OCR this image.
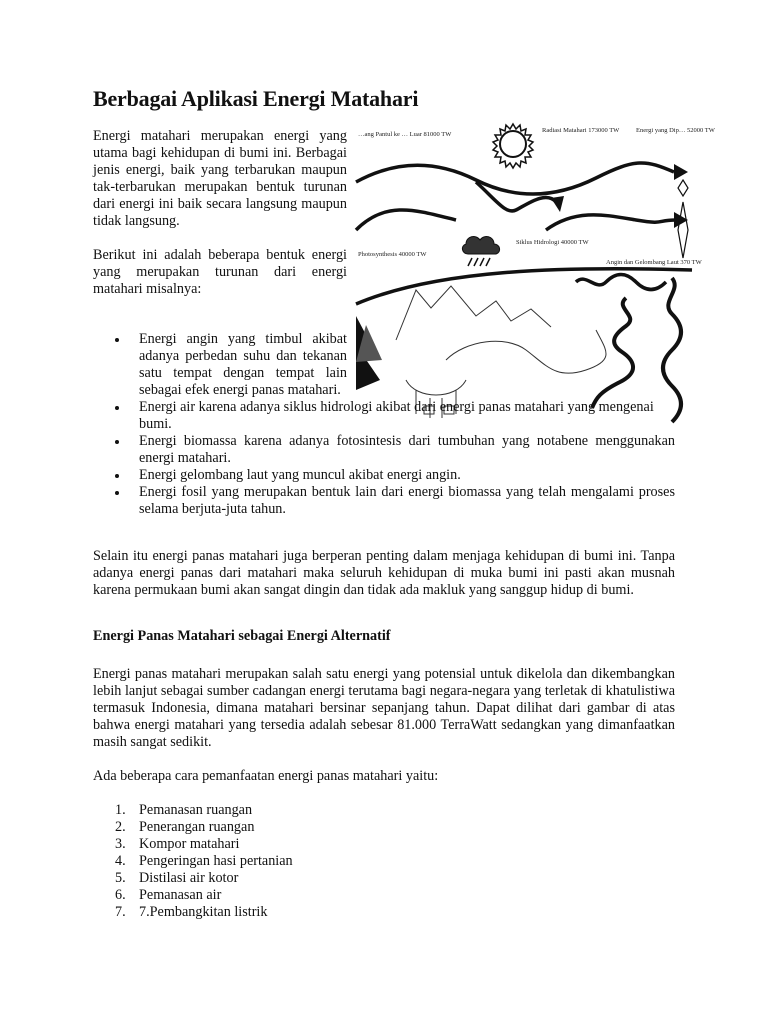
Berbagai Aplikasi Energi Matahari

Energi matahari merupakan energi yang utama bagi kehidupan di bumi ini. Berbagai jenis energi, baik yang terbarukan maupun tak-terbarukan merupakan bentuk turunan dari energi ini baik secara langsung maupun tidak langsung.

Berikut ini adalah beberapa bentuk energi yang merupakan turunan dari energi matahari misalnya:

…ang Pantul ke … Luar 81000 TW
Radiasi Matahari 173000 TW	Energi yang Dip… 52000 TW
Photosynthesis 40000 TW
Siklus Hidrologi 40000 TW
Angin dan Gelombang Laut 370 TW
Energi angin yang timbul akibat adanya perbedan suhu dan tekanan satu tempat dengan tempat lain sebagai efek energi panas matahari.
Energi air karena adanya siklus hidrologi akibat dari energi panas matahari yang mengenai bumi.
Energi biomassa karena adanya fotosintesis dari tumbuhan yang notabene menggunakan energi matahari.
Energi gelombang laut yang muncul akibat energi angin.
Energi fosil yang merupakan bentuk lain dari energi biomassa yang telah mengalami proses selama berjuta-juta tahun.

Selain itu energi panas matahari juga berperan penting dalam menjaga kehidupan di bumi ini. Tanpa adanya energi panas dari matahari maka seluruh kehidupan di muka bumi ini pasti akan musnah karena permukaan bumi akan sangat dingin dan tidak ada makluk yang sanggup hidup di bumi.

Energi Panas Matahari sebagai Energi Alternatif

Energi panas matahari merupakan salah satu energi yang potensial untuk dikelola dan dikembangkan lebih lanjut sebagai sumber cadangan energi terutama bagi negara-negara yang terletak di khatulistiwa termasuk Indonesia, dimana matahari bersinar sepanjang tahun. Dapat dilihat dari gambar di atas bahwa energi matahari yang tersedia adalah sebesar 81.000 TerraWatt sedangkan yang dimanfaatkan masih sangat sedikit.

Ada beberapa cara pemanfaatan energi panas matahari yaitu:

1. Pemanasan ruangan
2. Penerangan ruangan
3. Kompor matahari
4. Pengeringan hasi pertanian
5. Distilasi air kotor
6. Pemanasan air
7. 7.Pembangkitan listrik
